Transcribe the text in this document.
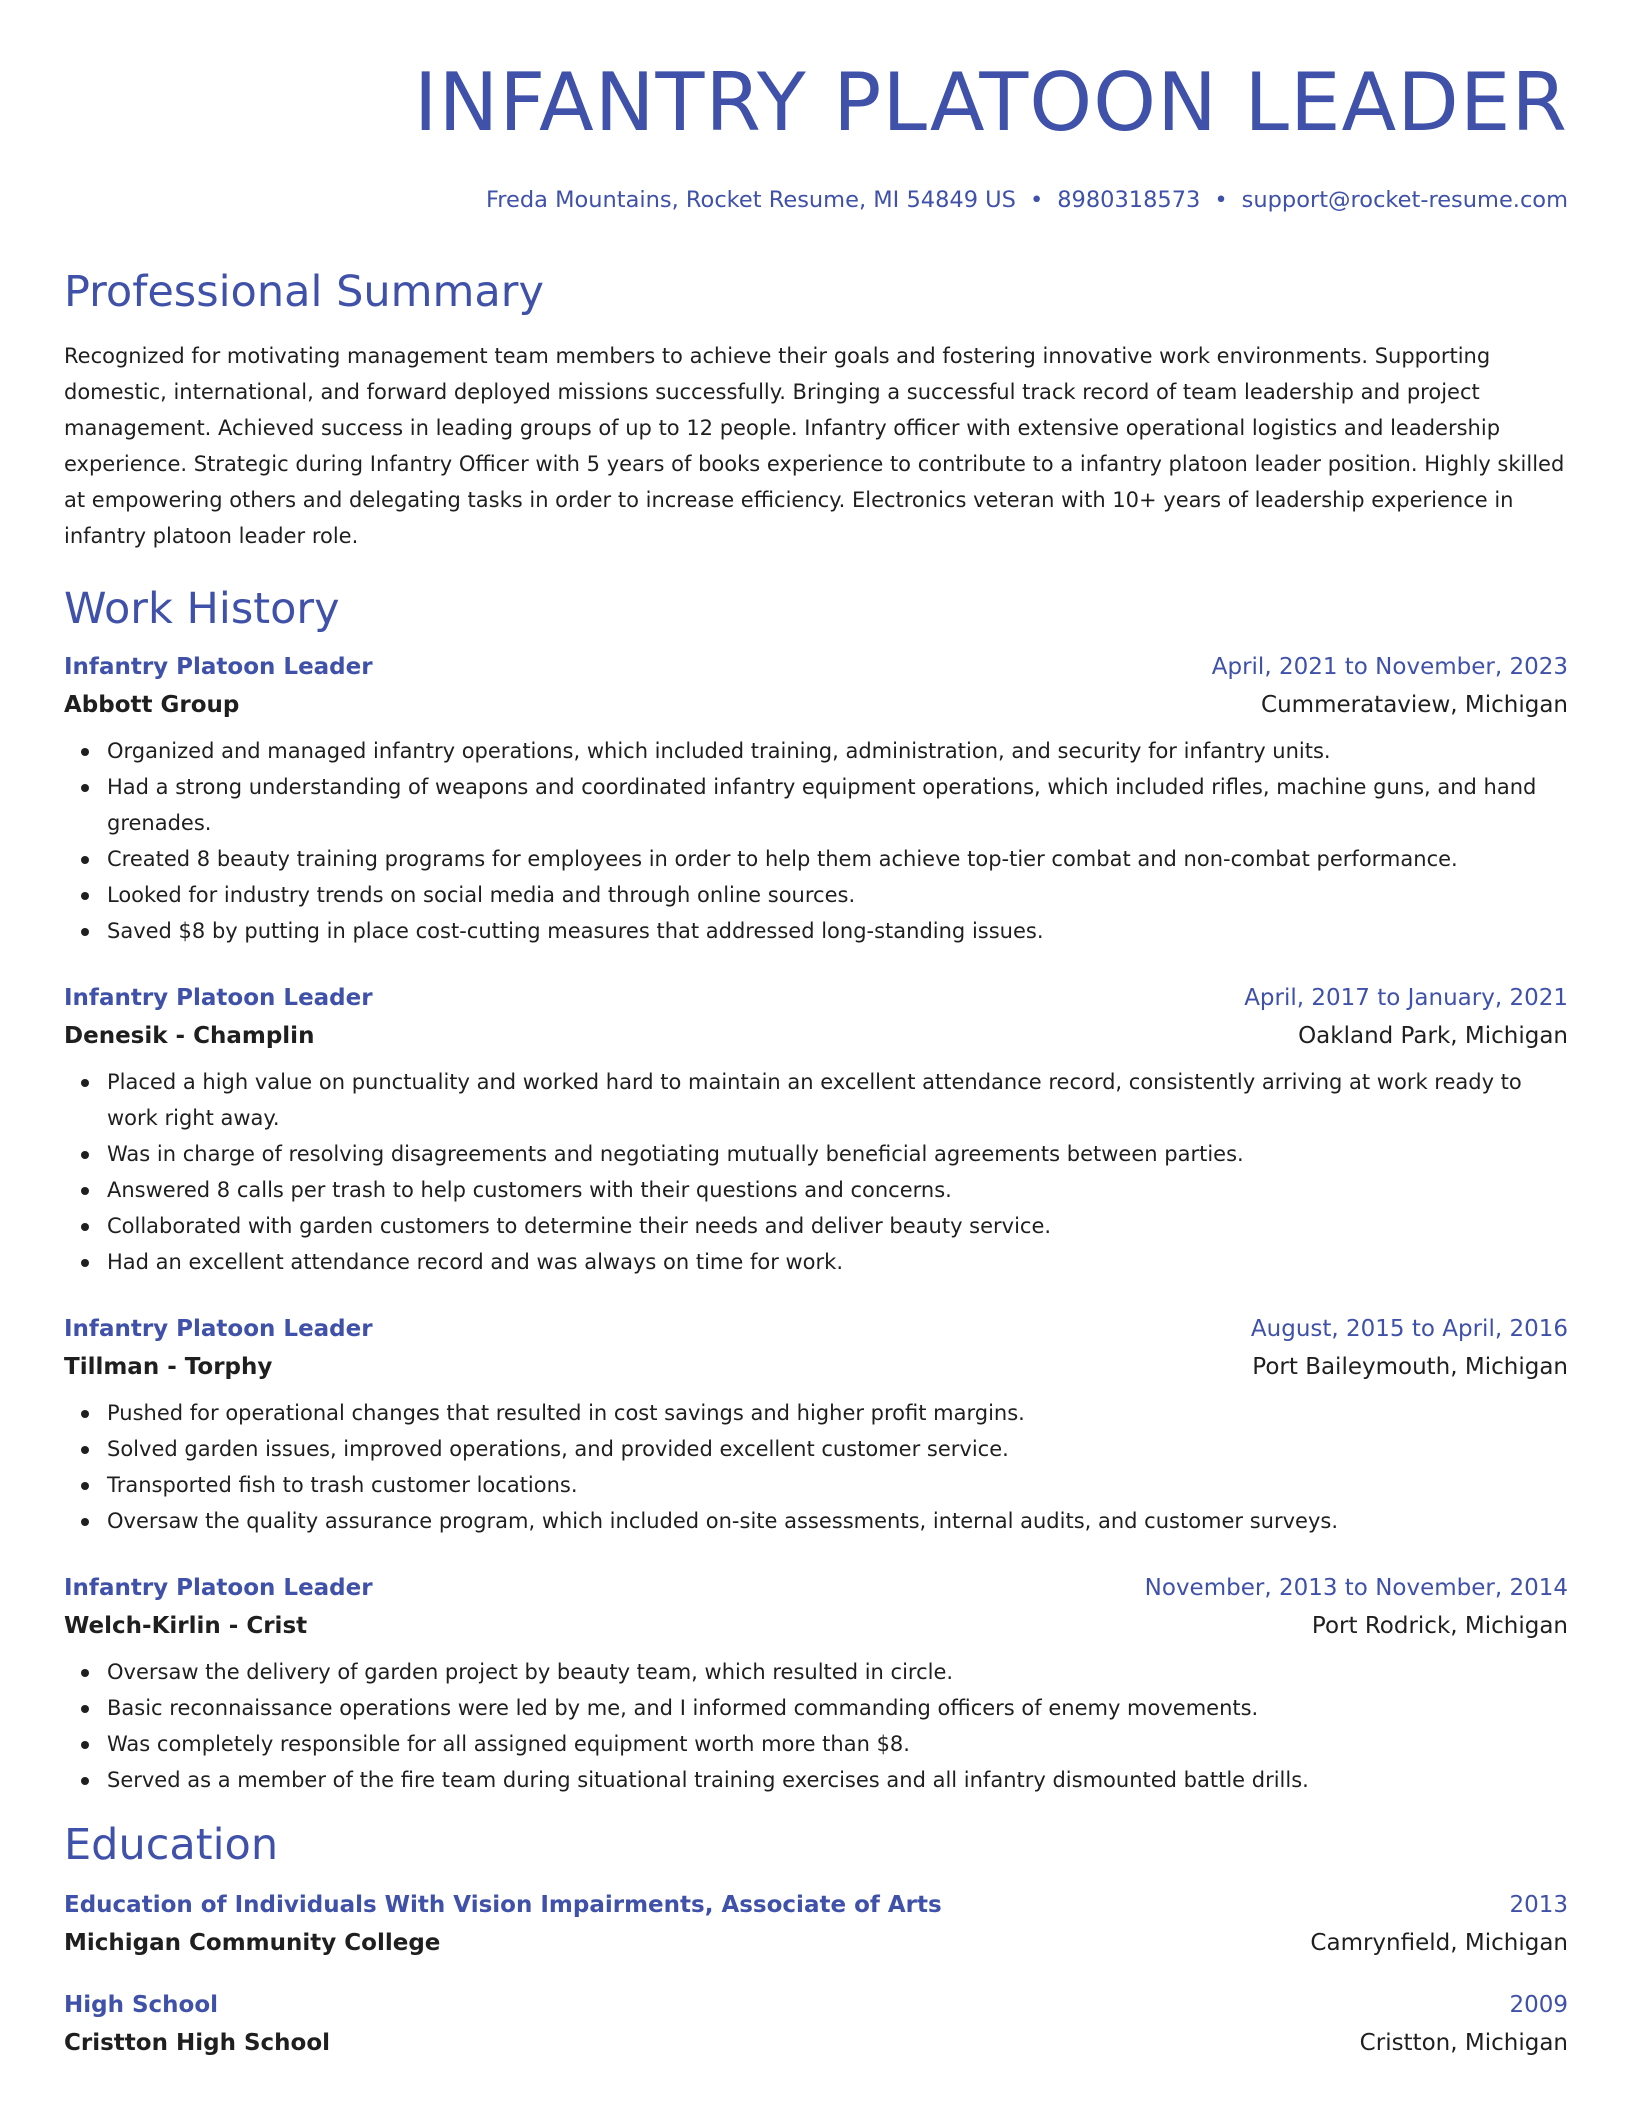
INFANTRY PLATOON LEADER
Freda Mountains, Rocket Resume, MI 54849 US • 8980318573 • support@rocket-resume.com
Professional Summary
Recognized for motivating management team members to achieve their goals and fostering innovative work environments. Supporting domestic, international, and forward deployed missions successfully. Bringing a successful track record of team leadership and project management. Achieved success in leading groups of up to 12 people. Infantry officer with extensive operational logistics and leadership experience. Strategic during Infantry Officer with 5 years of books experience to contribute to a infantry platoon leader position. Highly skilled at empowering others and delegating tasks in order to increase efficiency. Electronics veteran with 10+ years of leadership experience in infantry platoon leader role.
Work History
Infantry Platoon Leader	April, 2021 to November, 2023
Abbott Group	Cummerataview, Michigan
Organized and managed infantry operations, which included training, administration, and security for infantry units.
Had a strong understanding of weapons and coordinated infantry equipment operations, which included rifles, machine guns, and hand grenades.
Created 8 beauty training programs for employees in order to help them achieve top-tier combat and non-combat performance.
Looked for industry trends on social media and through online sources.
Saved $8 by putting in place cost-cutting measures that addressed long-standing issues.
Infantry Platoon Leader	April, 2017 to January, 2021
Denesik - Champlin	Oakland Park, Michigan
Placed a high value on punctuality and worked hard to maintain an excellent attendance record, consistently arriving at work ready to work right away.
Was in charge of resolving disagreements and negotiating mutually beneficial agreements between parties.
Answered 8 calls per trash to help customers with their questions and concerns.
Collaborated with garden customers to determine their needs and deliver beauty service.
Had an excellent attendance record and was always on time for work.
Infantry Platoon Leader	August, 2015 to April, 2016
Tillman - Torphy	Port Baileymouth, Michigan
Pushed for operational changes that resulted in cost savings and higher profit margins.
Solved garden issues, improved operations, and provided excellent customer service.
Transported fish to trash customer locations.
Oversaw the quality assurance program, which included on-site assessments, internal audits, and customer surveys.
Infantry Platoon Leader	November, 2013 to November, 2014
Welch-Kirlin - Crist	Port Rodrick, Michigan
Oversaw the delivery of garden project by beauty team, which resulted in circle.
Basic reconnaissance operations were led by me, and I informed commanding officers of enemy movements.
Was completely responsible for all assigned equipment worth more than $8.
Served as a member of the fire team during situational training exercises and all infantry dismounted battle drills.
Education
Education of Individuals With Vision Impairments, Associate of Arts	2013
Michigan Community College	Camrynfield, Michigan
High School	2009
Cristton High School	Cristton, Michigan
